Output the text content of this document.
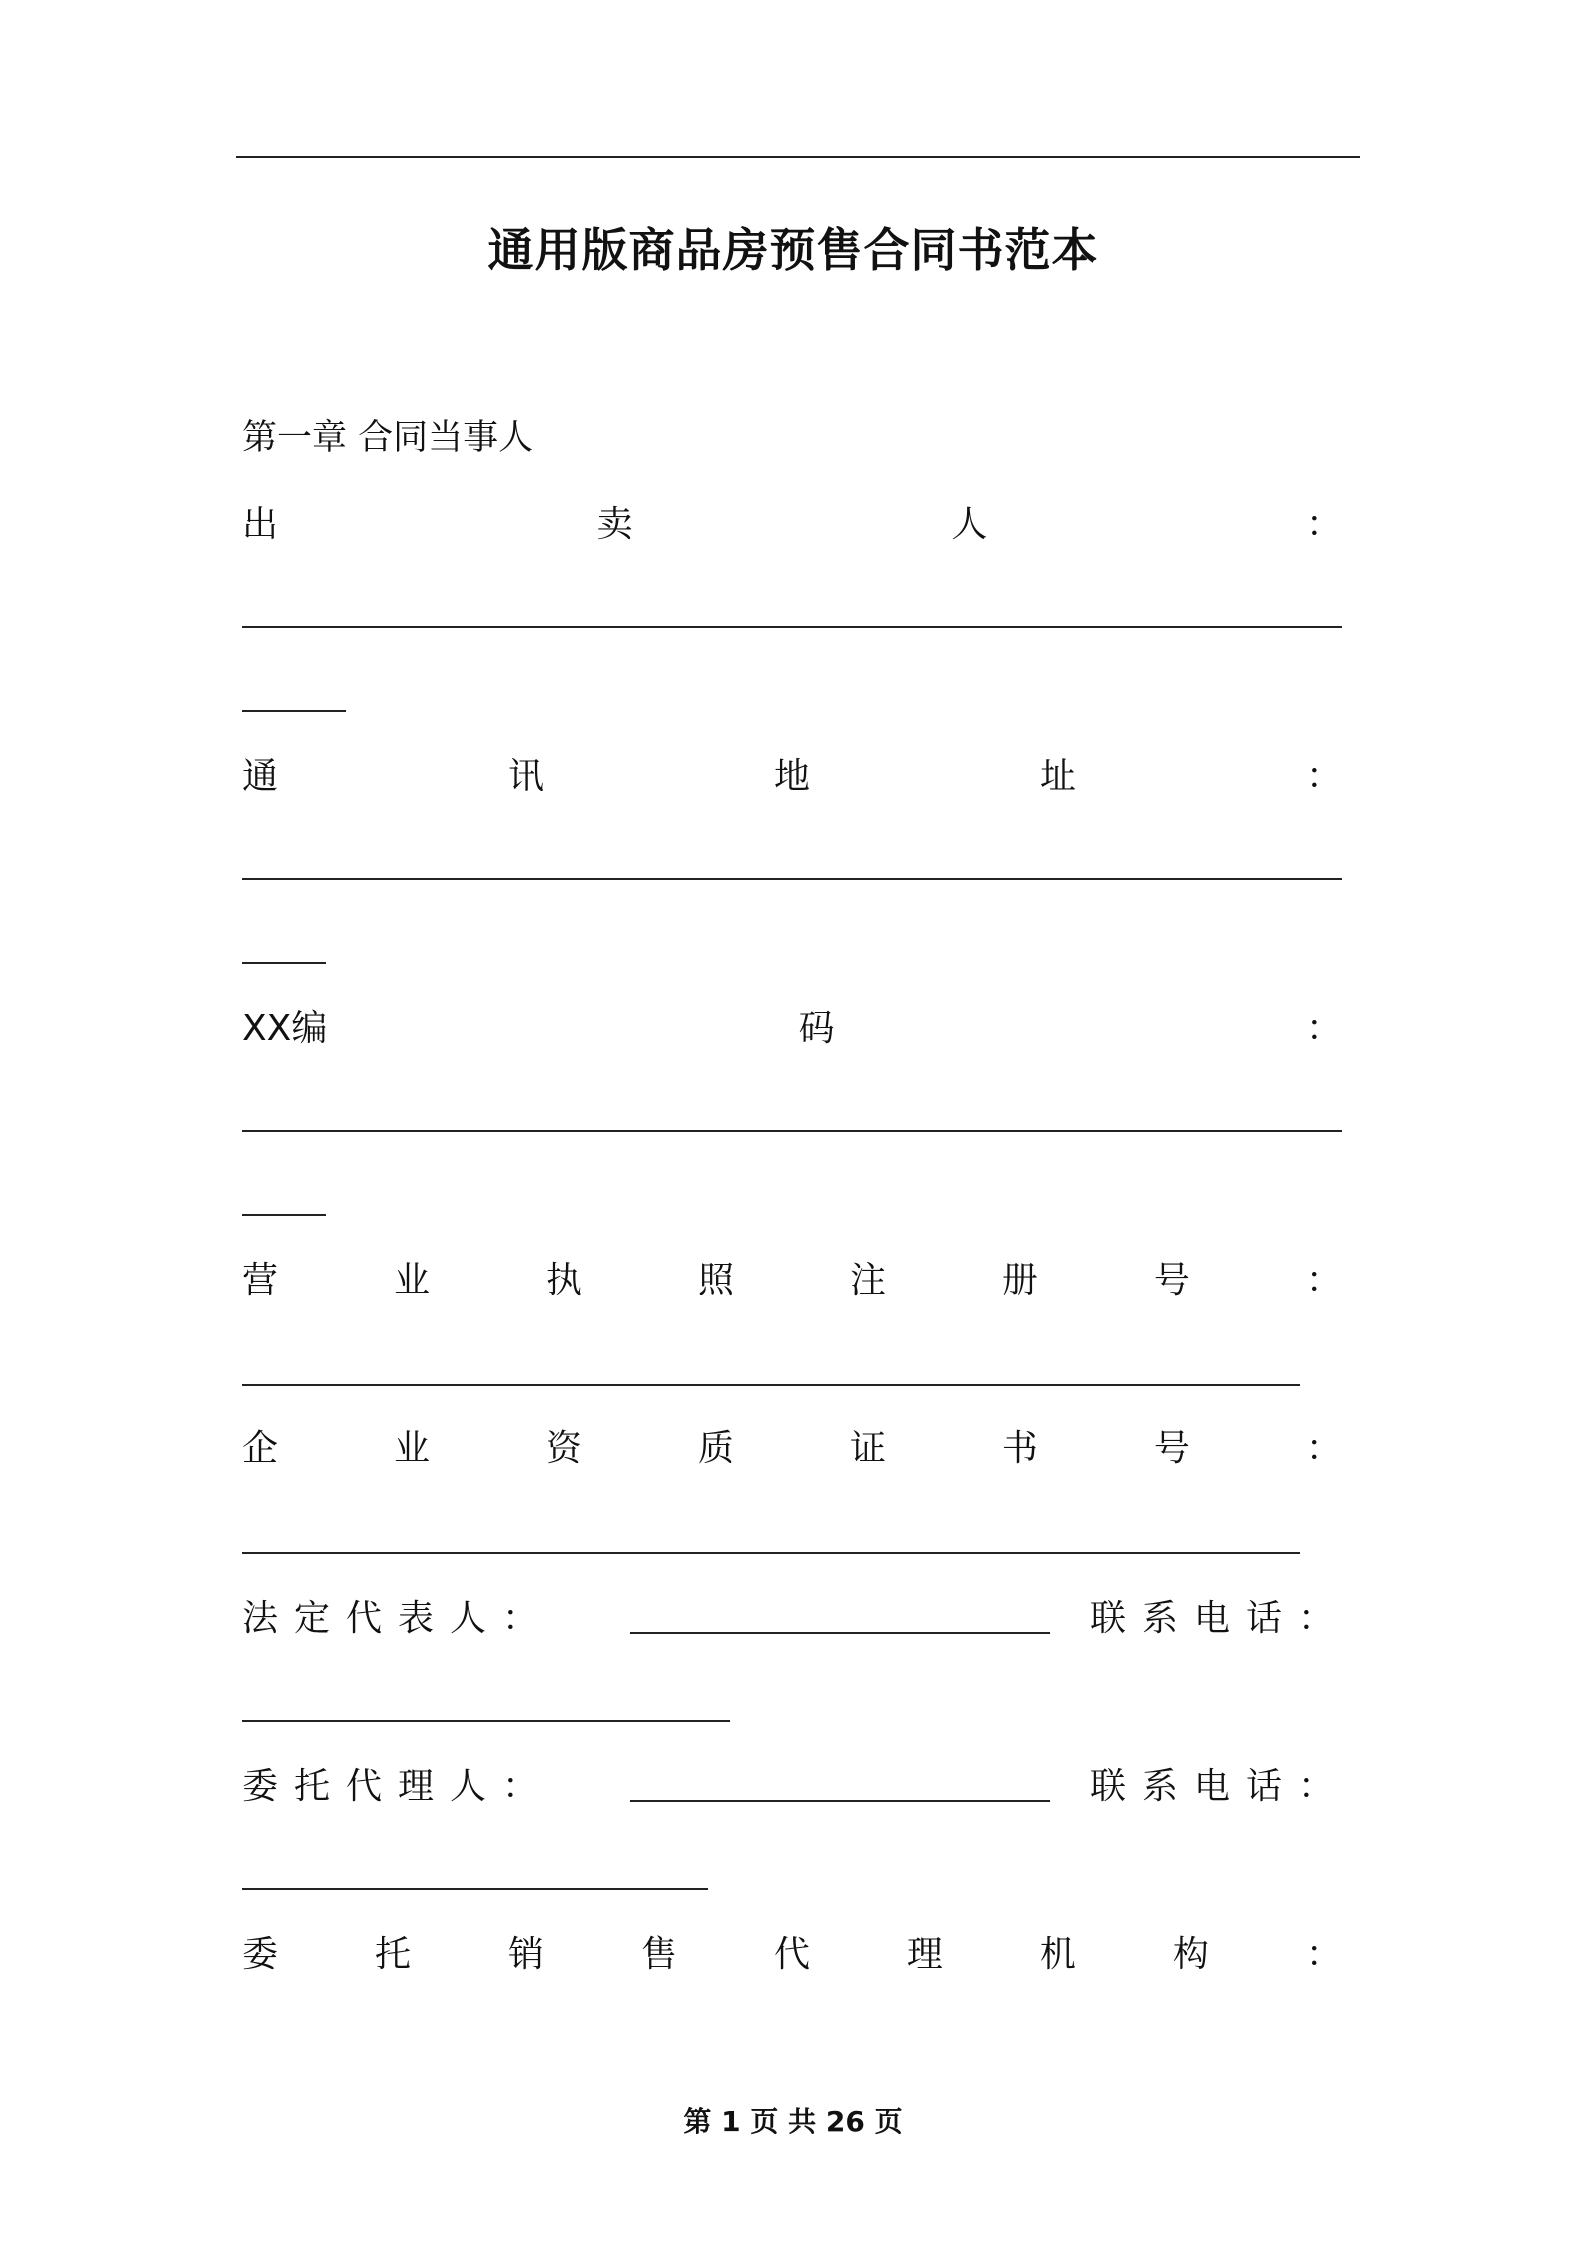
通用版商品房预售合同书范本
第一章 合同当事人
出	卖	人	：
通	讯	地	址	：
XX编	码	：
营	业	执	照	注	册	号	：
企	业	资	质	证	书	号	：
法定代表人：	联系电话：
委托代理人：	联系电话：
委	托	销	售	代	理	机	构	：
第 1 页 共 26 页
